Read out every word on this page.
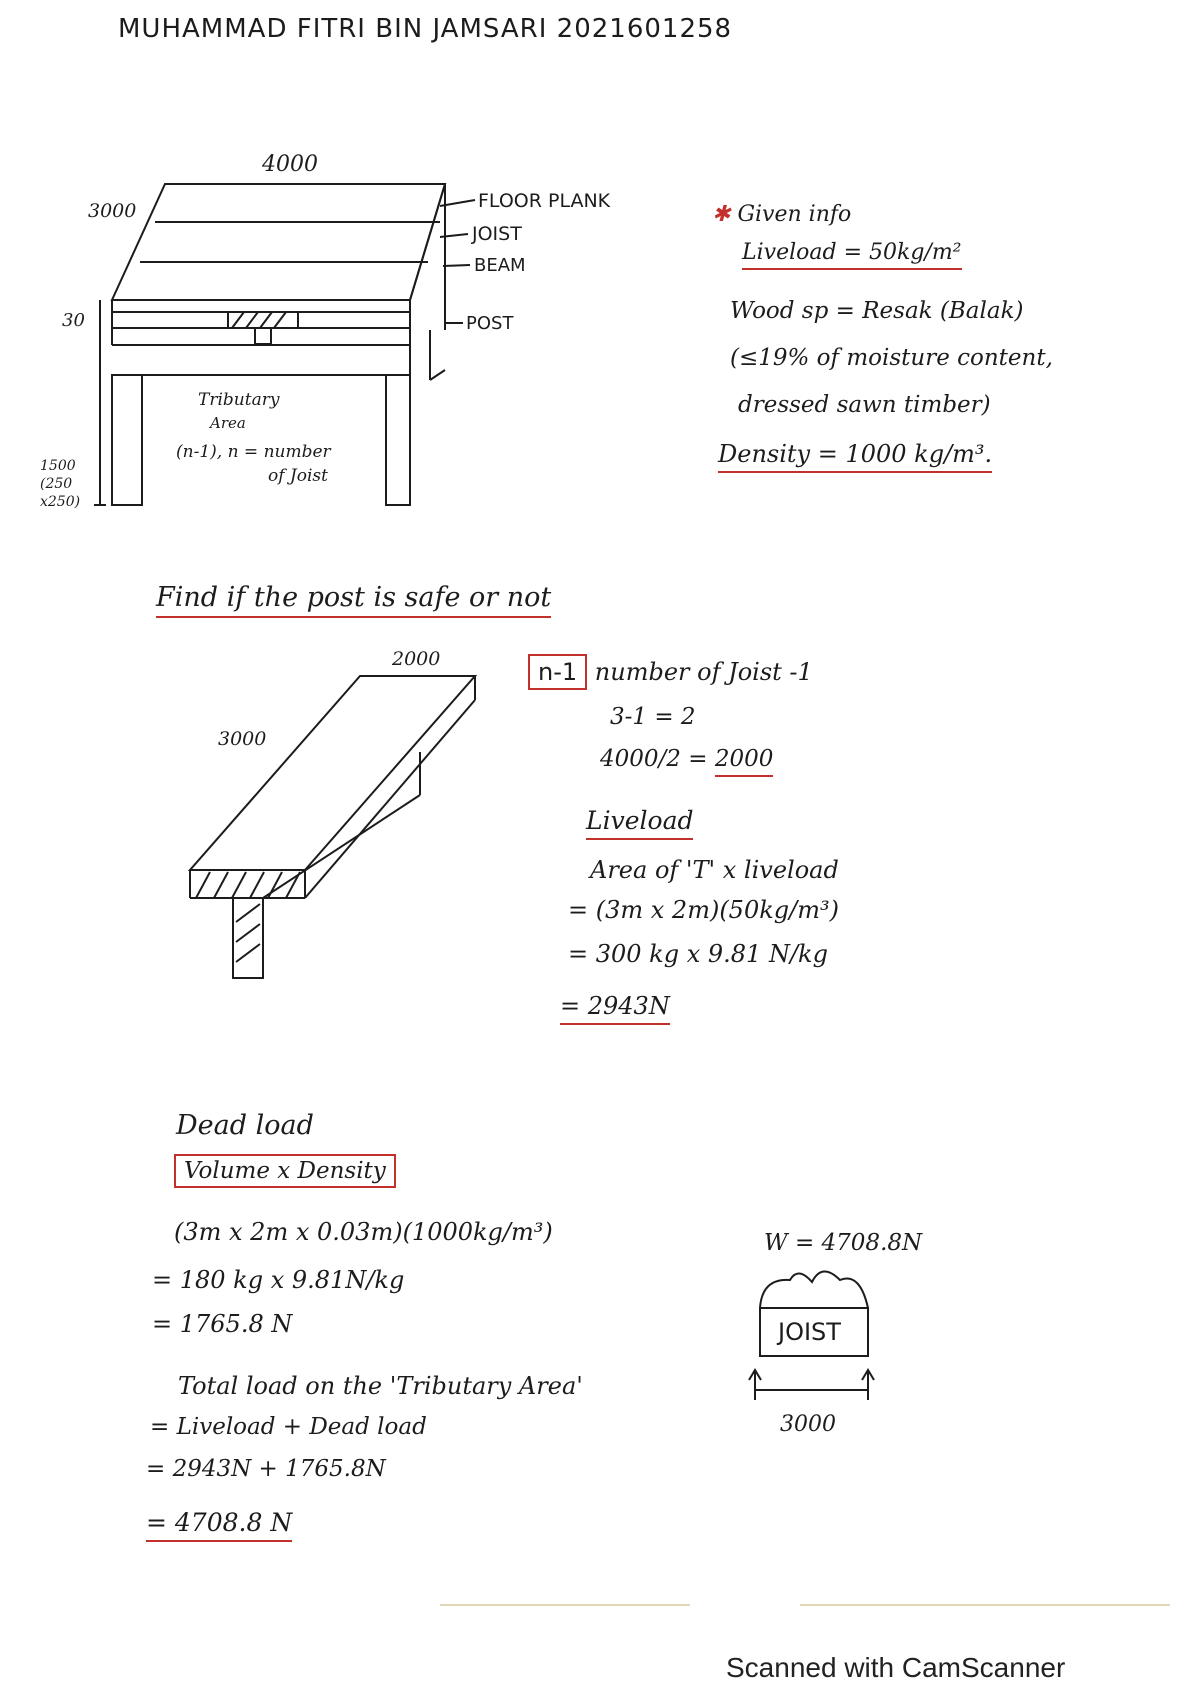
MUHAMMAD FITRI BIN JAMSARI 2021601258
4000
3000
30
FLOOR PLANK
JOIST
BEAM
POST
Tributary
Area
(n-1), n = number
of Joist
1500
(250
x250)
✱ Given info
Liveload = 50kg/m²
Wood sp = Resak (Balak)
(≤19% of moisture content,
dressed sawn timber)
Density = 1000 kg/m³.
Find if the post is safe or not
2000
3000
n-1 number of Joist -1
3-1 = 2
4000/2 = 2000
Liveload
Area of 'T' x liveload
= (3m x 2m)(50kg/m³)
= 300 kg x 9.81 N/kg
= 2943N
Dead load
Volume x Density
(3m x 2m x 0.03m)(1000kg/m³)
= 180 kg x 9.81N/kg
= 1765.8 N
Total load on the 'Tributary Area'
= Liveload + Dead load
= 2943N + 1765.8N
= 4708.8 N
W = 4708.8N
JOIST
3000
Scanned with CamScanner
